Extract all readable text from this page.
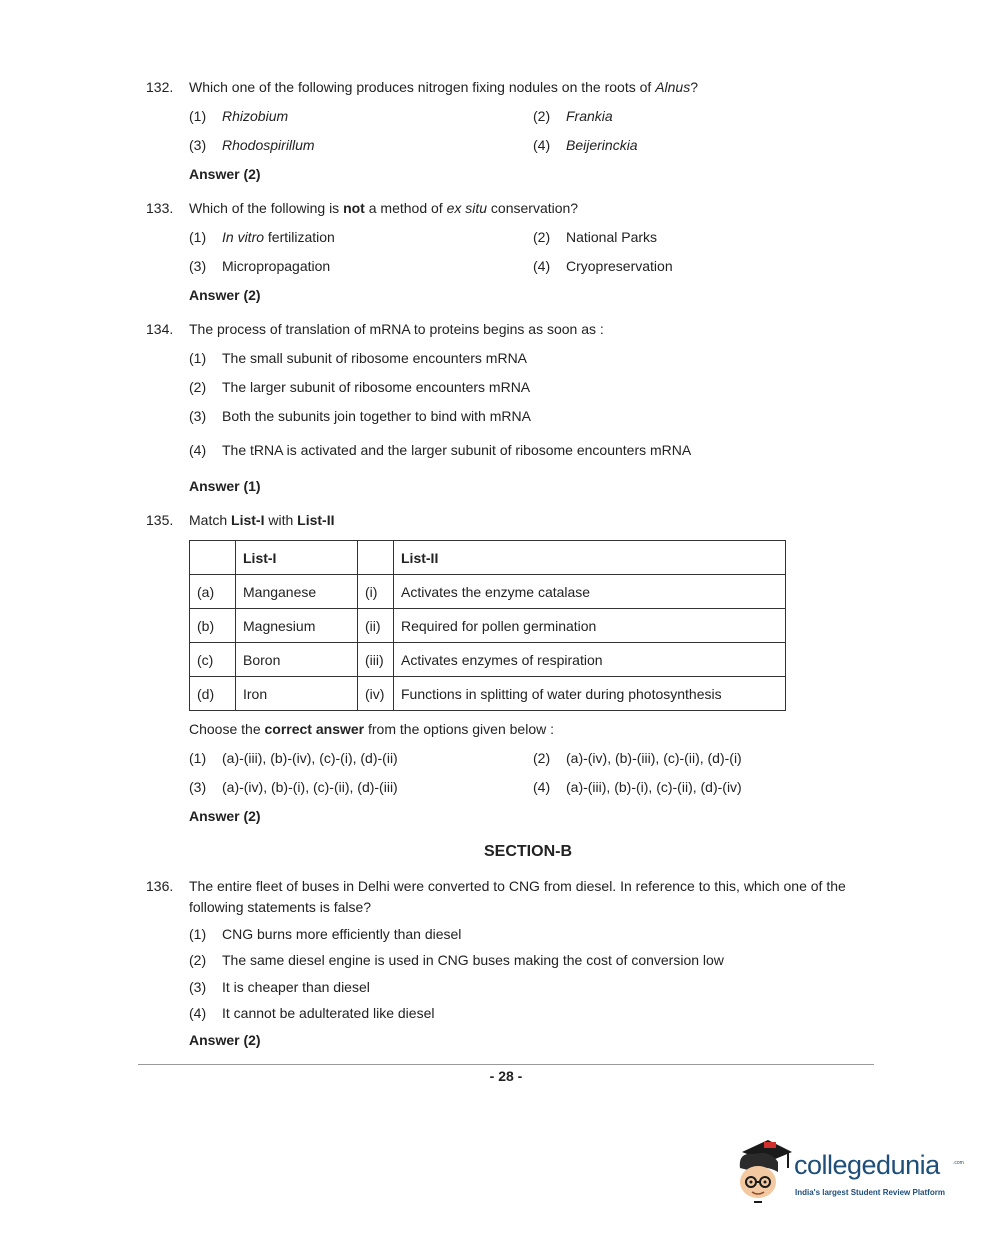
132. Which one of the following produces nitrogen fixing nodules on the roots of Alnus?
(1) Rhizobium	(2) Frankia
(3) Rhodospirillum	(4) Beijerinckia
Answer (2)
133. Which of the following is not a method of ex situ conservation?
(1) In vitro fertilization	(2) National Parks
(3) Micropropagation	(4) Cryopreservation
Answer (2)
134. The process of translation of mRNA to proteins begins as soon as :
(1) The small subunit of ribosome encounters mRNA
(2) The larger subunit of ribosome encounters mRNA
(3) Both the subunits join together to bind with mRNA
(4) The tRNA is activated and the larger subunit of ribosome encounters mRNA
Answer (1)
135. Match List-I with List-II
	List-I		List-II
(a)	Manganese	(i)	Activates the enzyme catalase
(b)	Magnesium	(ii)	Required for pollen germination
(c)	Boron	(iii)	Activates enzymes of respiration
(d)	Iron	(iv)	Functions in splitting of water during photosynthesis
Choose the correct answer from the options given below :
(1) (a)-(iii), (b)-(iv), (c)-(i), (d)-(ii)	(2) (a)-(iv), (b)-(iii), (c)-(ii), (d)-(i)
(3) (a)-(iv), (b)-(i), (c)-(ii), (d)-(iii)	(4) (a)-(iii), (b)-(i), (c)-(ii), (d)-(iv)
Answer (2)
SECTION-B
136. The entire fleet of buses in Delhi were converted to CNG from diesel. In reference to this, which one of the
following statements is false?
(1) CNG burns more efficiently than diesel
(2) The same diesel engine is used in CNG buses making the cost of conversion low
(3) It is cheaper than diesel
(4) It cannot be adulterated like diesel
Answer (2)
- 28 -
collegedunia	.com
India's largest Student Review Platform
